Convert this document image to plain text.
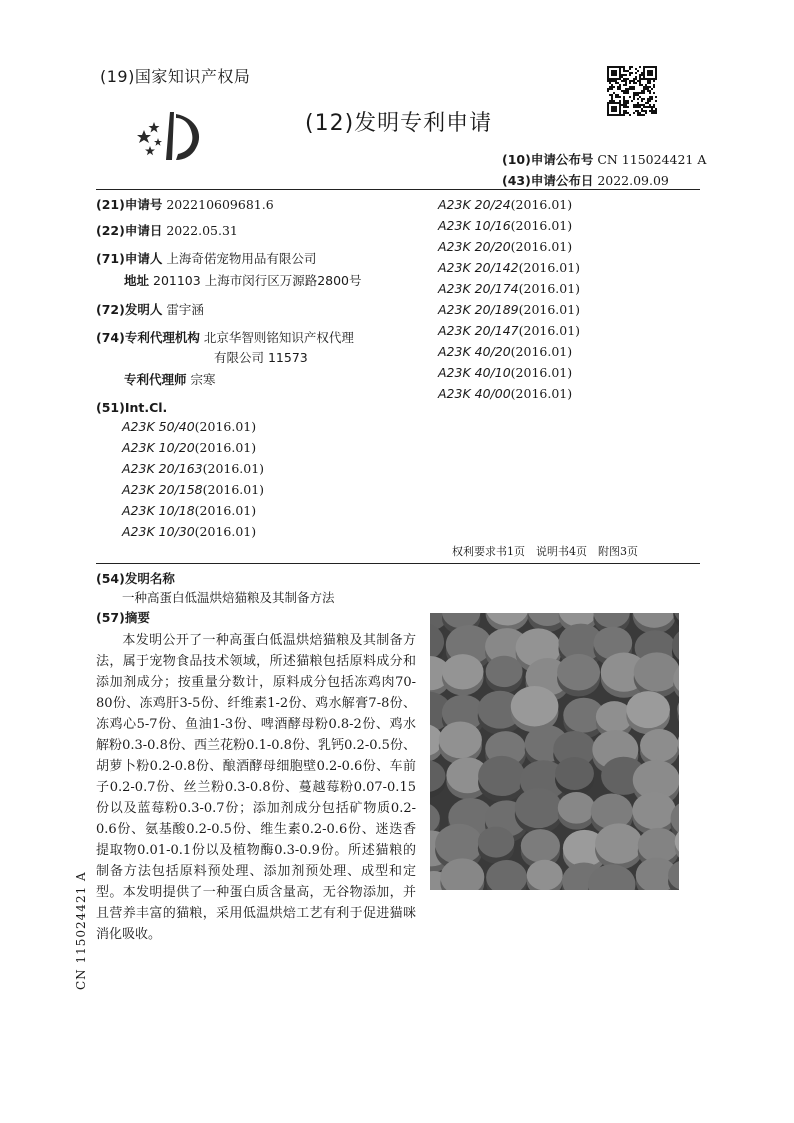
(19)国家知识产权局
(12)发明专利申请
(10)申请公布号 CN 115024421 A
(43)申请公布日 2022.09.09
(21)申请号 202210609681.6
(22)申请日 2022.05.31
(71)申请人 上海奇偌宠物用品有限公司
地址 201103 上海市闵行区万源路2800号
(72)发明人 雷宇涵
(74)专利代理机构 北京华智则铭知识产权代理
有限公司 11573
专利代理师 宗寒
(51)Int.Cl.
A23K 50/40(2016.01)
A23K 10/20(2016.01)
A23K 20/163(2016.01)
A23K 20/158(2016.01)
A23K 10/18(2016.01)
A23K 10/30(2016.01)
A23K 20/24(2016.01)
A23K 10/16(2016.01)
A23K 20/20(2016.01)
A23K 20/142(2016.01)
A23K 20/174(2016.01)
A23K 20/189(2016.01)
A23K 20/147(2016.01)
A23K 40/20(2016.01)
A23K 40/10(2016.01)
A23K 40/00(2016.01)
权利要求书1页　说明书4页　附图3页
(54)发明名称
一种高蛋白低温烘焙猫粮及其制备方法
(57)摘要
本发明公开了一种高蛋白低温烘焙猫粮及其制备方法，属于宠物食品技术领域，所述猫粮包括原料成分和添加剂成分；按重量分数计，原料成分包括冻鸡肉70-80份、冻鸡肝3-5份、纤维素1-2份、鸡水解膏7-8份、冻鸡心5-7份、鱼油1-3份、啤酒酵母粉0.8-2份、鸡水解粉0.3-0.8份、西兰花粉0.1-0.8份、乳钙0.2-0.5份、胡萝卜粉0.2-0.8份、酿酒酵母细胞壁0.2-0.6份、车前子0.2-0.7份、丝兰粉0.3-0.8份、蔓越莓粉0.07-0.15份以及蓝莓粉0.3-0.7份；添加剂成分包括矿物质0.2-0.6份、氨基酸0.2-0.5份、维生素0.2-0.6份、迷迭香提取物0.01-0.1份以及植物酶0.3-0.9份。所述猫粮的制备方法包括原料预处理、添加剂预处理、成型和定型。本发明提供了一种蛋白质含量高，无谷物添加，并且营养丰富的猫粮，采用低温烘焙工艺有利于促进猫咪消化吸收。
CN 115024421 A
